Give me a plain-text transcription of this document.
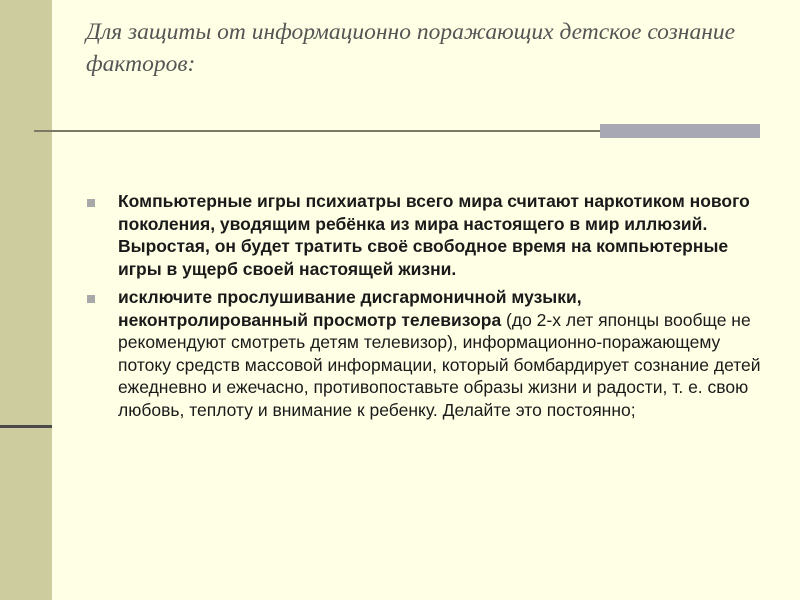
Для защиты от информационно поражающих детское сознание факторов:
Компьютерные игры психиатры всего мира считают наркотиком нового поколения, уводящим ребёнка из мира настоящего в мир иллюзий. Выростая, он будет тратить своё свободное время на компьютерные игры в ущерб своей настоящей жизни.
исключите прослушивание дисгармоничной музыки, неконтролированный просмотр телевизора (до 2-х лет японцы вообще не рекомендуют смотреть детям телевизор), информационно-поражающему потоку средств массовой информации, который бомбардирует сознание детей ежедневно и ежечасно, противопоставьте образы жизни и радости, т. е. свою любовь, теплоту и внимание к ребенку. Делайте это постоянно;
